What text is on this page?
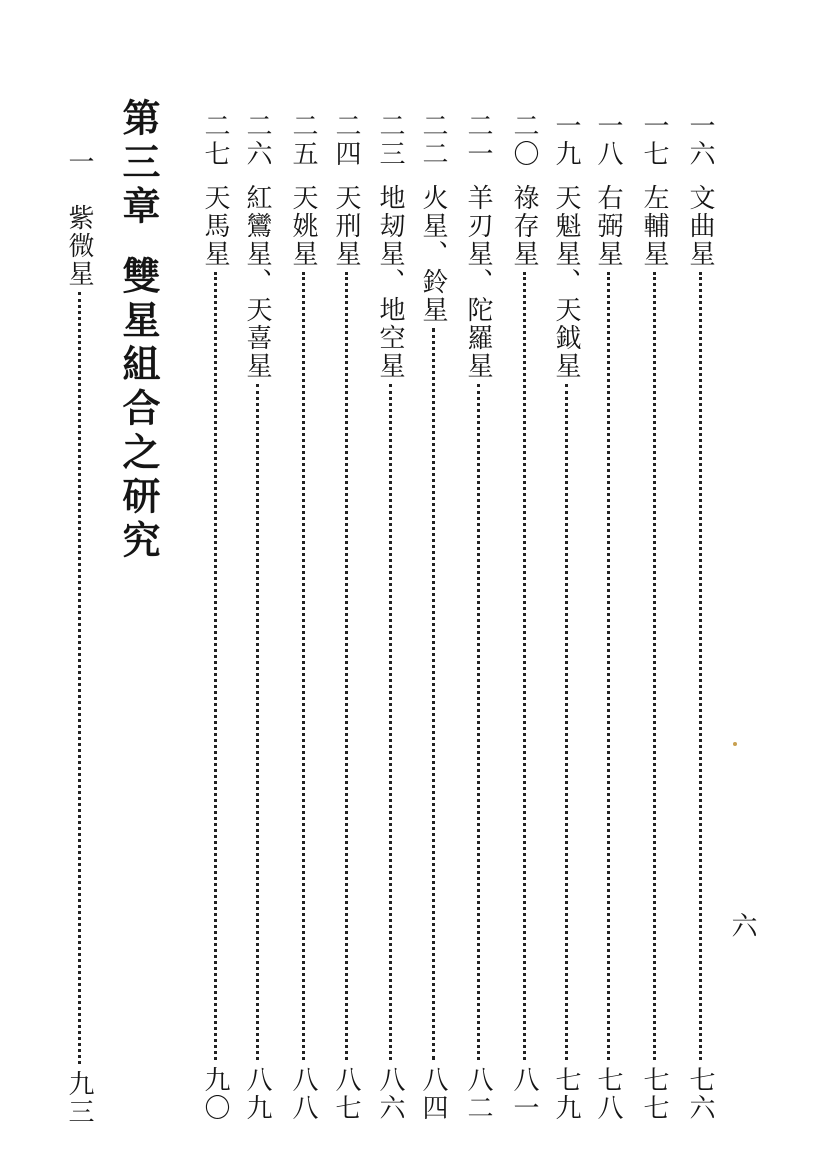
一六
文曲星
七六
一七
左輔星
七七
一八
右弼星
七八
一九
天魁星、天鉞星
七九
二〇
祿存星
八一
二一
羊刃星、陀羅星
八二
二二
火星、鈴星
八四
二三
地刼星、地空星
八六
二四
天刑星
八七
二五
天姚星
八八
二六
紅鸞星、天喜星
八九
二七
天馬星
九〇
第三章雙星組合之研究
一
紫微星
九三
六
